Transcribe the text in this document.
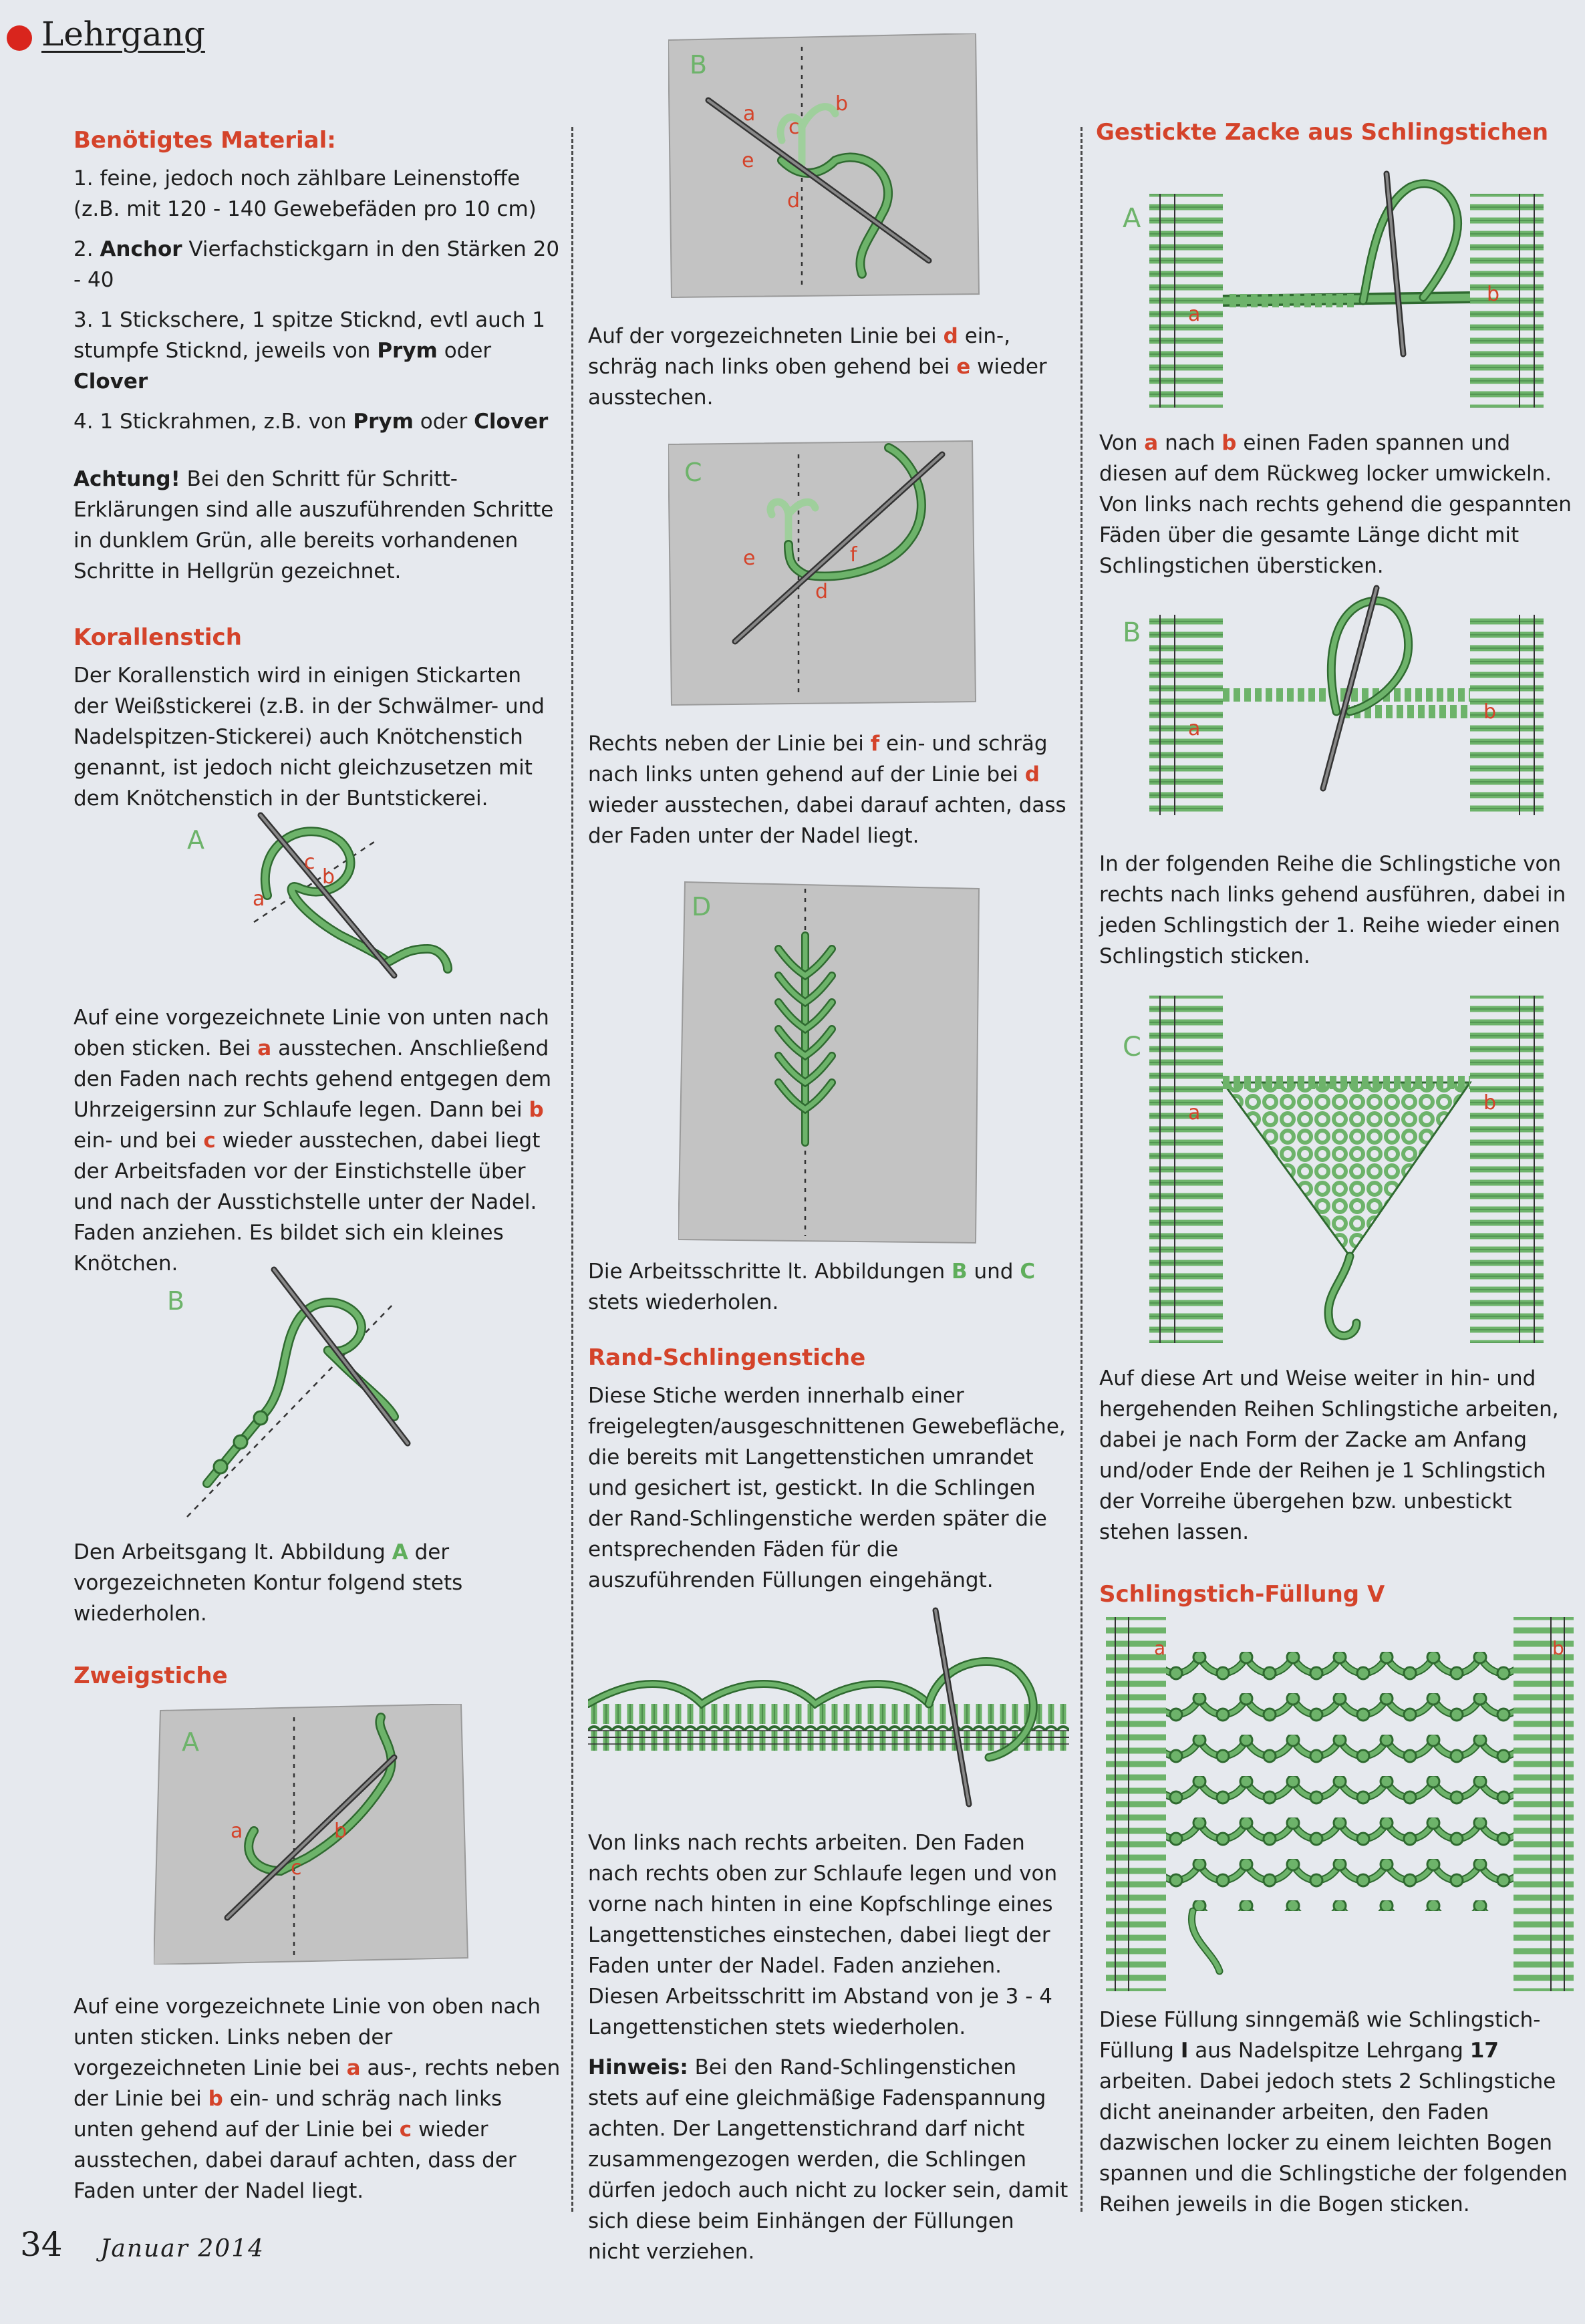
Lehrgang
Benötigtes Material:

1. feine, jedoch noch zählbare Leinenstoffe (z.B. mit 120 - 140 Gewebefäden pro 10 cm)

2. Anchor Vierfachstickgarn in den Stärken 20 - 40

3. 1 Stickschere, 1 spitze Sticknd, evtl auch 1 stumpfe Sticknd, jeweils von Prym oder Clover

4. 1 Stickrahmen, z.B. von Prym oder Clover

Achtung! Bei den Schritt für Schritt-Erklärungen sind alle auszuführenden Schritte in dunklem Grün, alle bereits vorhandenen Schritte in Hellgrün gezeichnet.

Korallenstich

Der Korallenstich wird in einigen Stickarten der Weißstickerei (z.B. in der Schwälmer- und Nadelspitzen-Stickerei) auch Knötchenstich genannt, ist jedoch nicht gleichzusetzen mit dem Knötchenstich in der Buntstickerei.

A
a
b
c

Auf eine vorgezeichnete Linie von unten nach oben sticken. Bei a ausstechen. Anschließend den Faden nach rechts gehend entgegen dem Uhrzeigersinn zur Schlaufe legen. Dann bei b ein- und bei c wieder ausstechen, dabei liegt der Arbeitsfaden vor der Einstichstelle über und nach der Ausstichstelle unter der Nadel. Faden anziehen. Es bildet sich ein kleines Knötchen.

B

Den Arbeitsgang lt. Abbildung A der vorgezeichneten Kontur folgend stets wiederholen.

Zweigstiche
A
a	b
c

Auf eine vorgezeichnete Linie von oben nach unten sticken. Links neben der vorgezeichneten Linie bei a aus-, rechts neben der Linie bei b ein- und schräg nach links unten gehend auf der Linie bei c wieder ausstechen, dabei darauf achten, dass der Faden unter der Nadel liegt.

B
a	b
c
d
e

Auf der vorgezeichneten Linie bei d ein-, schräg nach links oben gehend bei e wieder ausstechen.

C
e
d
f

Rechts neben der Linie bei f ein- und schräg nach links unten gehend auf der Linie bei d wieder ausstechen, dabei darauf achten, dass der Faden unter der Nadel liegt.

D

Die Arbeitsschritte lt. Abbildungen B und C stets wiederholen.

Rand-Schlingenstiche

Diese Stiche werden innerhalb einer freigelegten/ausgeschnittenen Gewebefläche, die bereits mit Langettenstichen umrandet und gesichert ist, gestickt. In die Schlingen der Rand-Schlingenstiche werden später die entsprechenden Fäden für die auszuführenden Füllungen eingehängt.

Von links nach rechts arbeiten. Den Faden nach rechts oben zur Schlaufe legen und von vorne nach hinten in eine Kopfschlinge eines Langettenstiches einstechen, dabei liegt der Faden unter der Nadel. Faden anziehen. Diesen Arbeitsschritt im Abstand von je 3 - 4 Langettenstichen stets wiederholen.

Hinweis: Bei den Rand-Schlingenstichen stets auf eine gleichmäßige Fadenspannung achten. Der Langettenstichrand darf nicht zusammengezogen werden, die Schlingen dürfen jedoch auch nicht zu locker sein, damit sich diese beim Einhängen der Füllungen nicht verziehen.

Gestickte Zacke aus Schlingstichen
A
a
b

Von a nach b einen Faden spannen und diesen auf dem Rückweg locker umwickeln. Von links nach rechts gehend die gespannten Fäden über die gesamte Länge dicht mit Schlingstichen übersticken.

B
a
b

In der folgenden Reihe die Schlingstiche von rechts nach links gehend ausführen, dabei in jeden Schlingstich der 1. Reihe wieder einen Schlingstich sticken.

C
a	b

Auf diese Art und Weise weiter in hin- und hergehenden Reihen Schlingstiche arbeiten, dabei je nach Form der Zacke am Anfang und/oder Ende der Reihen je 1 Schlingstich der Vorreihe übergehen bzw. unbestickt stehen lassen.

Schlingstich-Füllung V
a	b

Diese Füllung sinngemäß wie Schlingstich-Füllung I aus Nadelspitze Lehrgang 17 arbeiten. Dabei jedoch stets 2 Schlingstiche dicht aneinander arbeiten, den Faden dazwischen locker zu einem leichten Bogen spannen und die Schlingstiche der folgenden Reihen jeweils in die Bogen sticken.

34 Januar 2014
